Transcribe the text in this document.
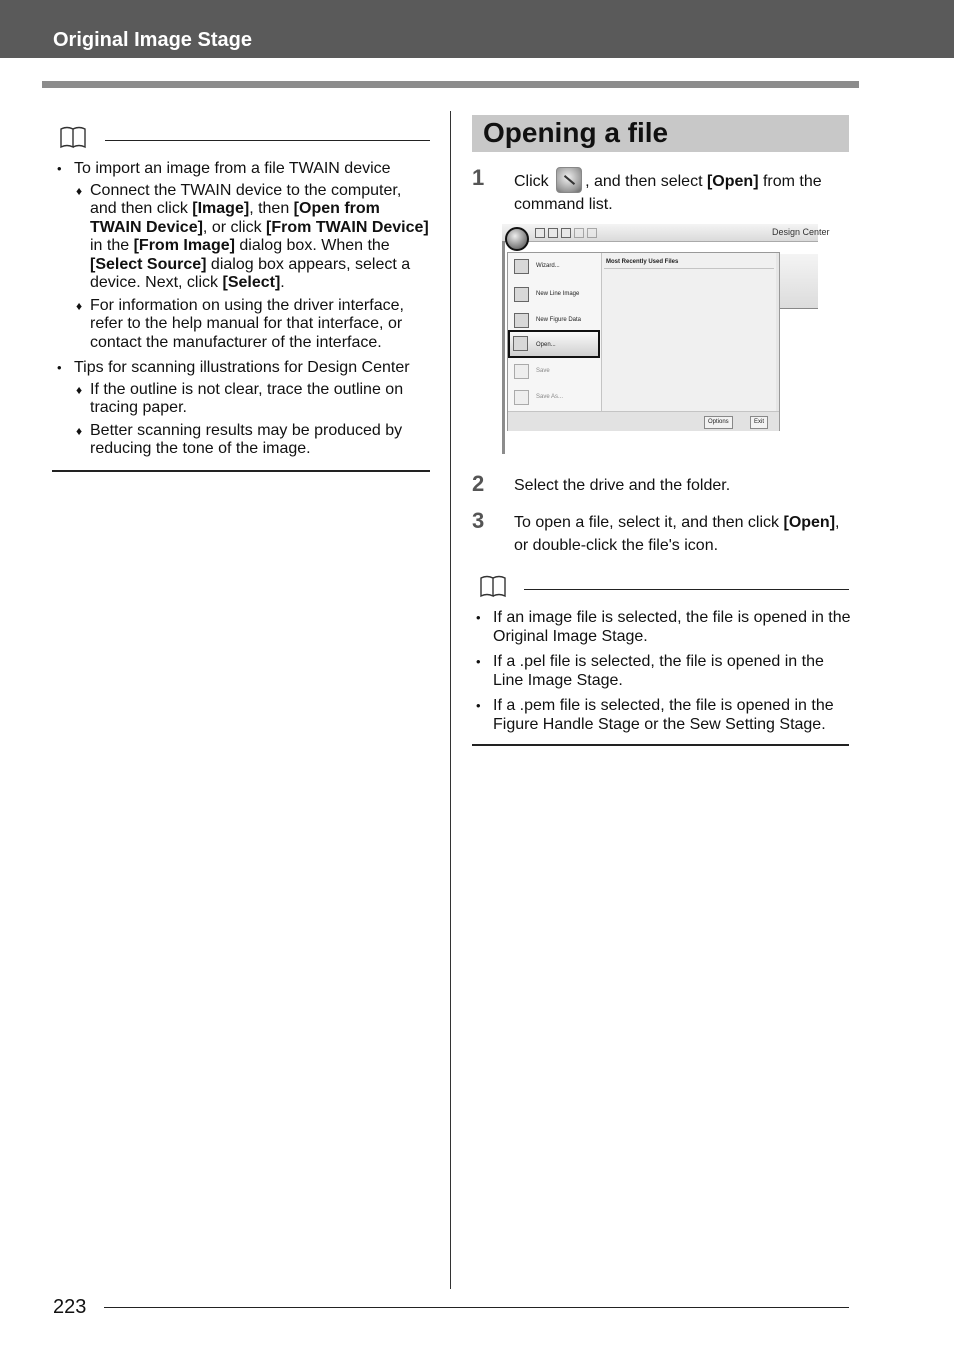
Original Image Stage
• To import an image from a file TWAIN device
♦ Connect the TWAIN device to the computer, and then click [Image], then [Open from TWAIN Device], or click [From TWAIN Device] in the [From Image] dialog box. When the [Select Source] dialog box appears, select a device. Next, click [Select].
♦ For information on using the driver interface, refer to the help manual for that interface, or contact the manufacturer of the interface.
• Tips for scanning illustrations for Design Center
♦ If the outline is not clear, trace the outline on tracing paper.
♦ Better scanning results may be produced by reducing the tone of the image.
Opening a file
1 Click , and then select [Open] from the command list.
Design Center
Wizard...
New Line Image
New Figure Data
Open...
Save
Save As...
Most Recently Used Files
Options	Exit
2 Select the drive and the folder.
3 To open a file, select it, and then click [Open], or double-click the file's icon.
• If an image file is selected, the file is opened in the Original Image Stage.
• If a .pel file is selected, the file is opened in the Line Image Stage.
• If a .pem file is selected, the file is opened in the Figure Handle Stage or the Sew Setting Stage.
223
